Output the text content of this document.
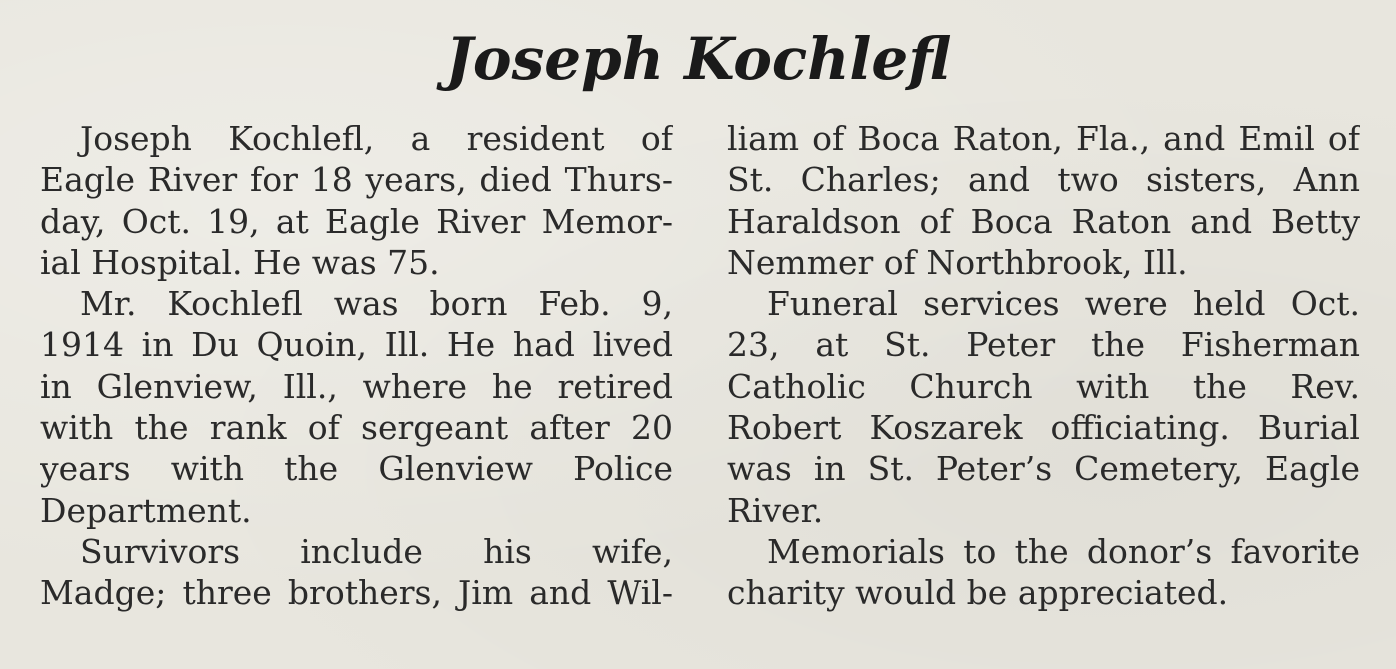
Joseph Kochlefl
Joseph Kochlefl, a resident of
Eagle River for 18 years, died Thurs-
day, Oct. 19, at Eagle River Memor-
ial Hospital. He was 75.
Mr. Kochlefl was born Feb. 9,
1914 in Du Quoin, Ill. He had lived
in Glenview, Ill., where he retired
with the rank of sergeant after 20
years with the Glenview Police
Department.
Survivors include his wife,
Madge; three brothers, Jim and Wil-
liam of Boca Raton, Fla., and Emil of
St. Charles; and two sisters, Ann
Haraldson of Boca Raton and Betty
Nemmer of Northbrook, Ill.
Funeral services were held Oct.
23, at St. Peter the Fisherman
Catholic Church with the Rev.
Robert Koszarek officiating. Burial
was in St. Peter’s Cemetery, Eagle
River.
Memorials to the donor’s favorite
charity would be appreciated.
